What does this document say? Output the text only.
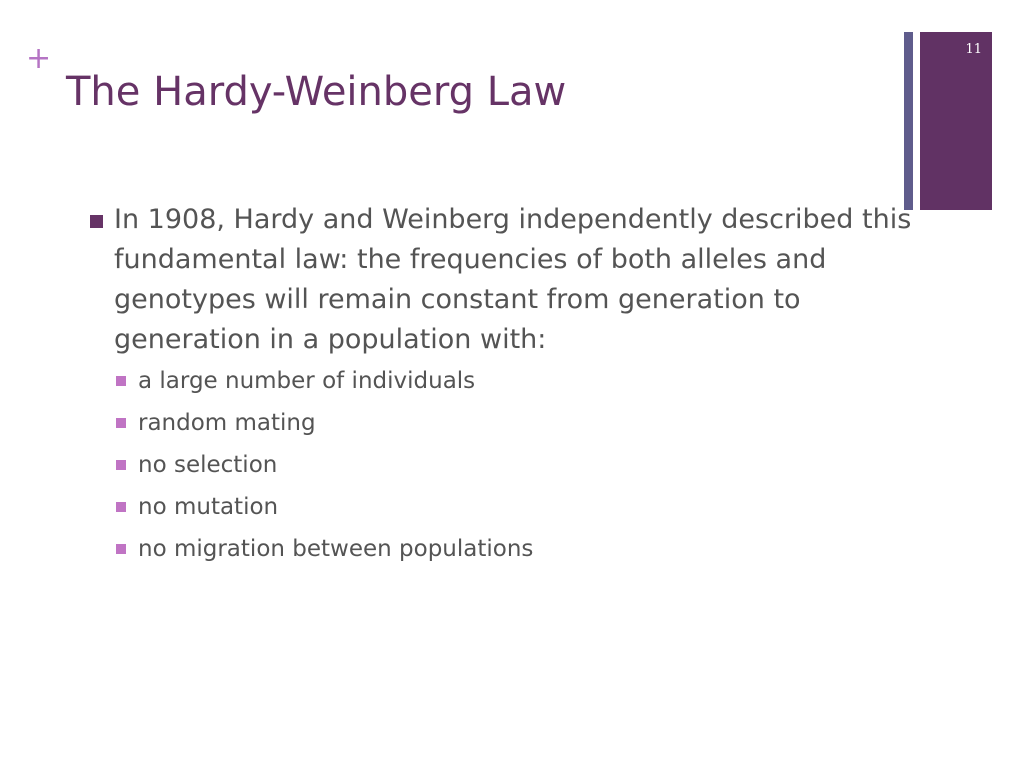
+
The Hardy-Weinberg Law
11

In 1908, Hardy and Weinberg independently described this fundamental law: the frequencies of both alleles and genotypes will remain constant from generation to generation in a population with:

a large number of individuals
random mating
no selection
no mutation
no migration between populations
